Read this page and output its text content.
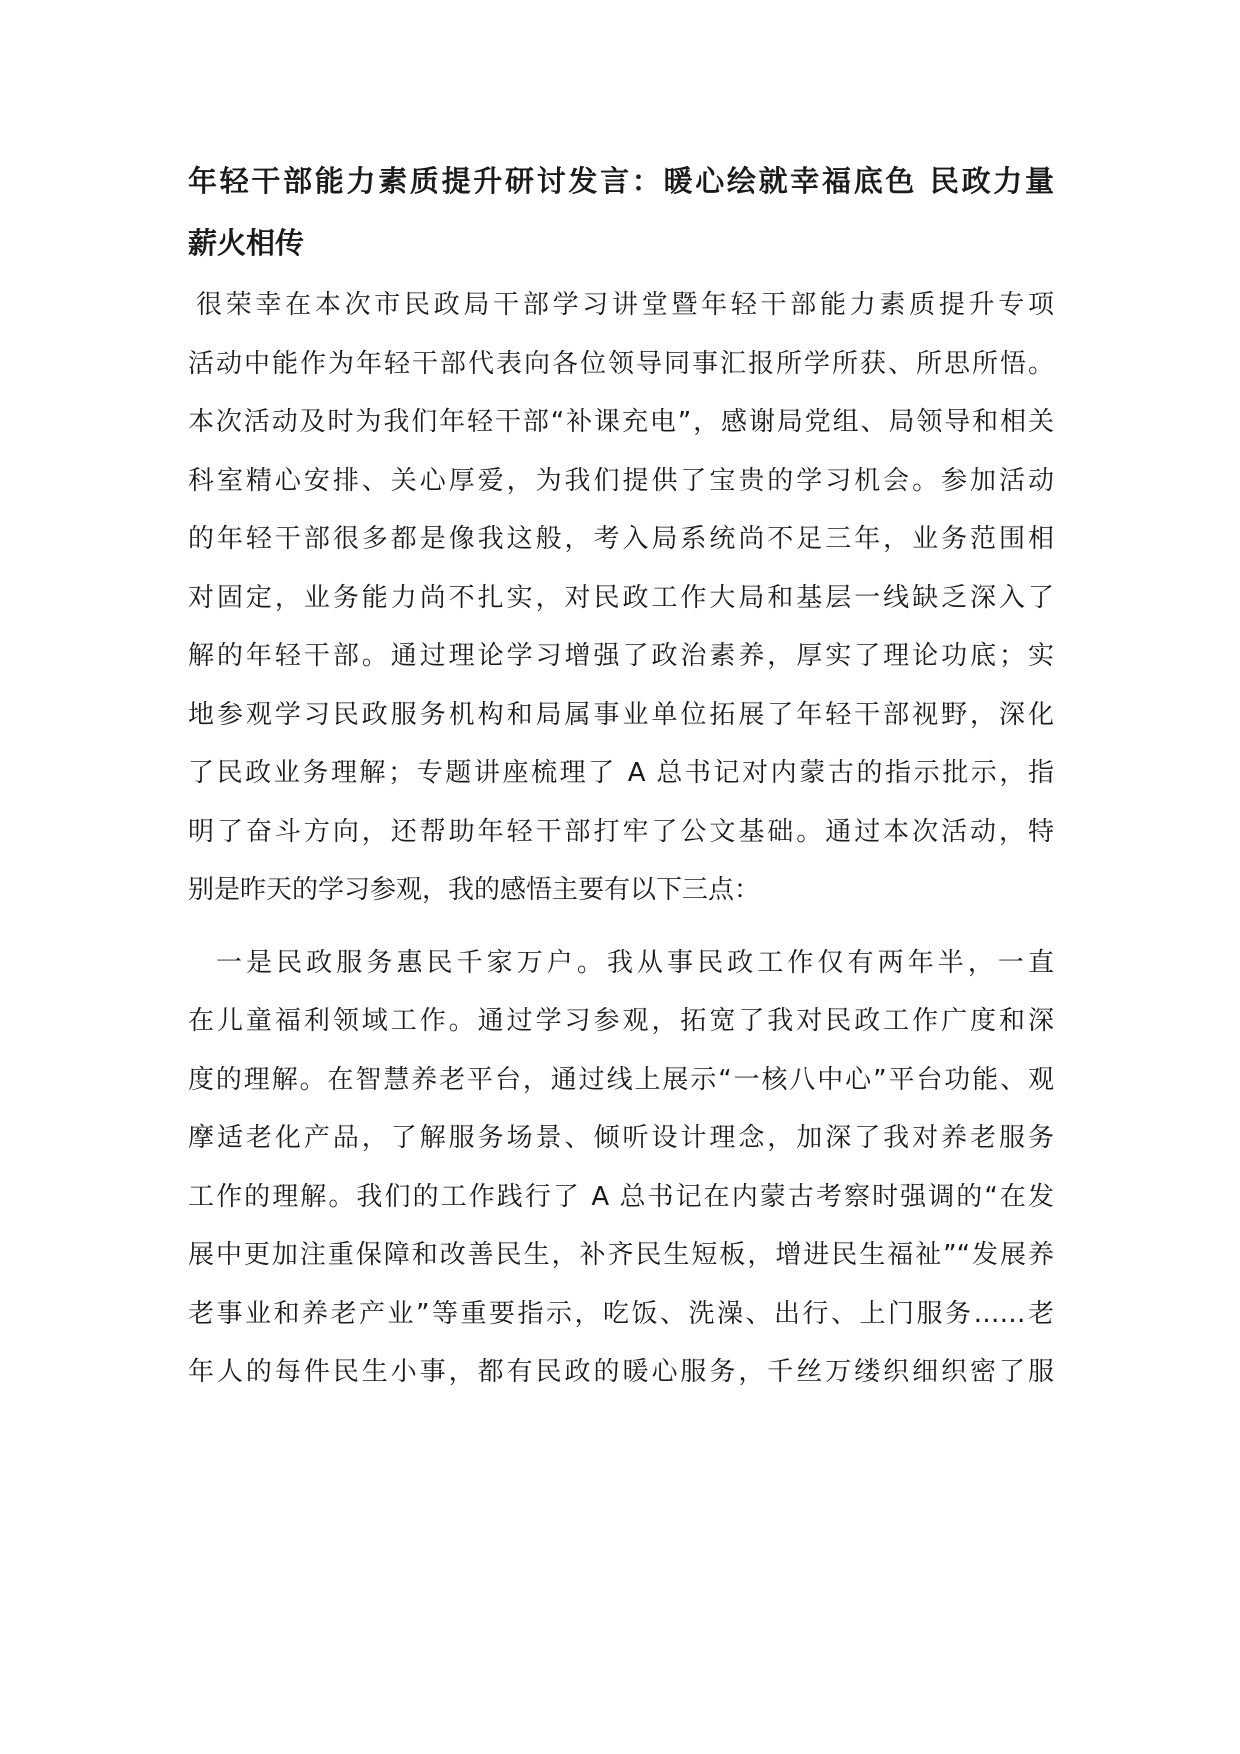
年轻干部能力素质提升研讨发言：暖心绘就幸福底色 民政力量
薪火相传
很荣幸在本次市民政局干部学习讲堂暨年轻干部能力素质提升专项
活动中能作为年轻干部代表向各位领导同事汇报所学所获、所思所悟。
本次活动及时为我们年轻干部“补课充电”，感谢局党组、局领导和相关
科室精心安排、关心厚爱，为我们提供了宝贵的学习机会。参加活动
的年轻干部很多都是像我这般，考入局系统尚不足三年，业务范围相
对固定，业务能力尚不扎实，对民政工作大局和基层一线缺乏深入了
解的年轻干部。通过理论学习增强了政治素养，厚实了理论功底；实
地参观学习民政服务机构和局属事业单位拓展了年轻干部视野，深化
了民政业务理解；专题讲座梳理了 A 总书记对内蒙古的指示批示，指
明了奋斗方向，还帮助年轻干部打牢了公文基础。通过本次活动，特
别是昨天的学习参观，我的感悟主要有以下三点：
一是民政服务惠民千家万户。我从事民政工作仅有两年半，一直
在儿童福利领域工作。通过学习参观，拓宽了我对民政工作广度和深
度的理解。在智慧养老平台，通过线上展示“一核八中心”平台功能、观
摩适老化产品，了解服务场景、倾听设计理念，加深了我对养老服务
工作的理解。我们的工作践行了 A 总书记在内蒙古考察时强调的“在发
展中更加注重保障和改善民生，补齐民生短板，增进民生福祉”“发展养
老事业和养老产业”等重要指示，吃饭、洗澡、出行、上门服务……老
年人的每件民生小事，都有民政的暖心服务，千丝万缕织细织密了服
